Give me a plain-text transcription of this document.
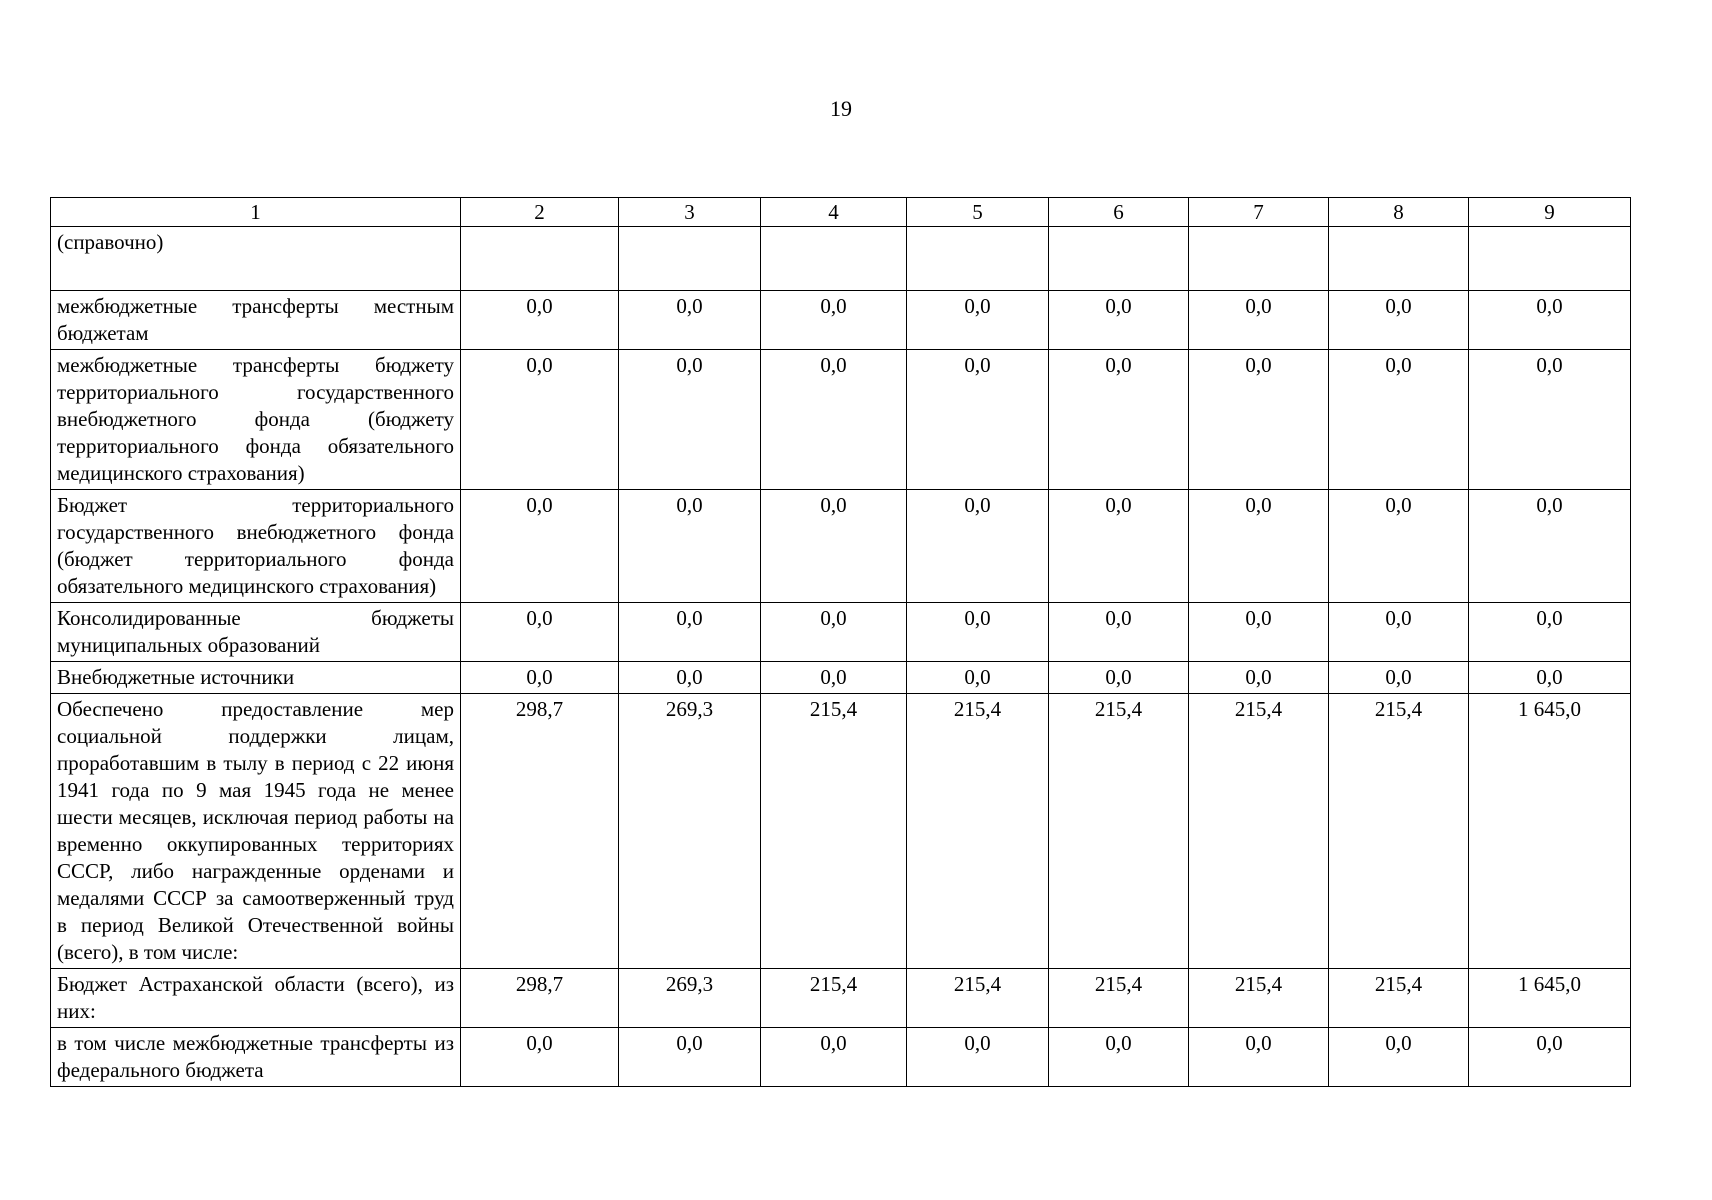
19
1	2	3	4	5	6	7	8	9
(справочно)								
межбюджетные трансферты местным бюджетам	0,0	0,0	0,0	0,0	0,0	0,0	0,0	0,0
межбюджетные трансферты бюджету территориального государственного внебюджетного фонда (бюджету территориального фонда обязательного медицинского страхования)	0,0	0,0	0,0	0,0	0,0	0,0	0,0	0,0
Бюджет территориального государственного внебюджетного фонда (бюджет территориального фонда обязательного медицинского страхования)	0,0	0,0	0,0	0,0	0,0	0,0	0,0	0,0
Консолидированные бюджеты муниципальных образований	0,0	0,0	0,0	0,0	0,0	0,0	0,0	0,0
Внебюджетные источники	0,0	0,0	0,0	0,0	0,0	0,0	0,0	0,0
Обеспечено предоставление мер социальной поддержки лицам, проработавшим в тылу в период с 22 июня 1941 года по 9 мая 1945 года не менее шести месяцев, исключая период работы на временно оккупированных территориях СССР, либо награжденные орденами и медалями СССР за самоотверженный труд в период Великой Отечественной войны (всего), в том числе:	298,7	269,3	215,4	215,4	215,4	215,4	215,4	1 645,0
Бюджет Астраханской области (всего), из них:	298,7	269,3	215,4	215,4	215,4	215,4	215,4	1 645,0
в том числе межбюджетные трансферты из федерального бюджета	0,0	0,0	0,0	0,0	0,0	0,0	0,0	0,0
